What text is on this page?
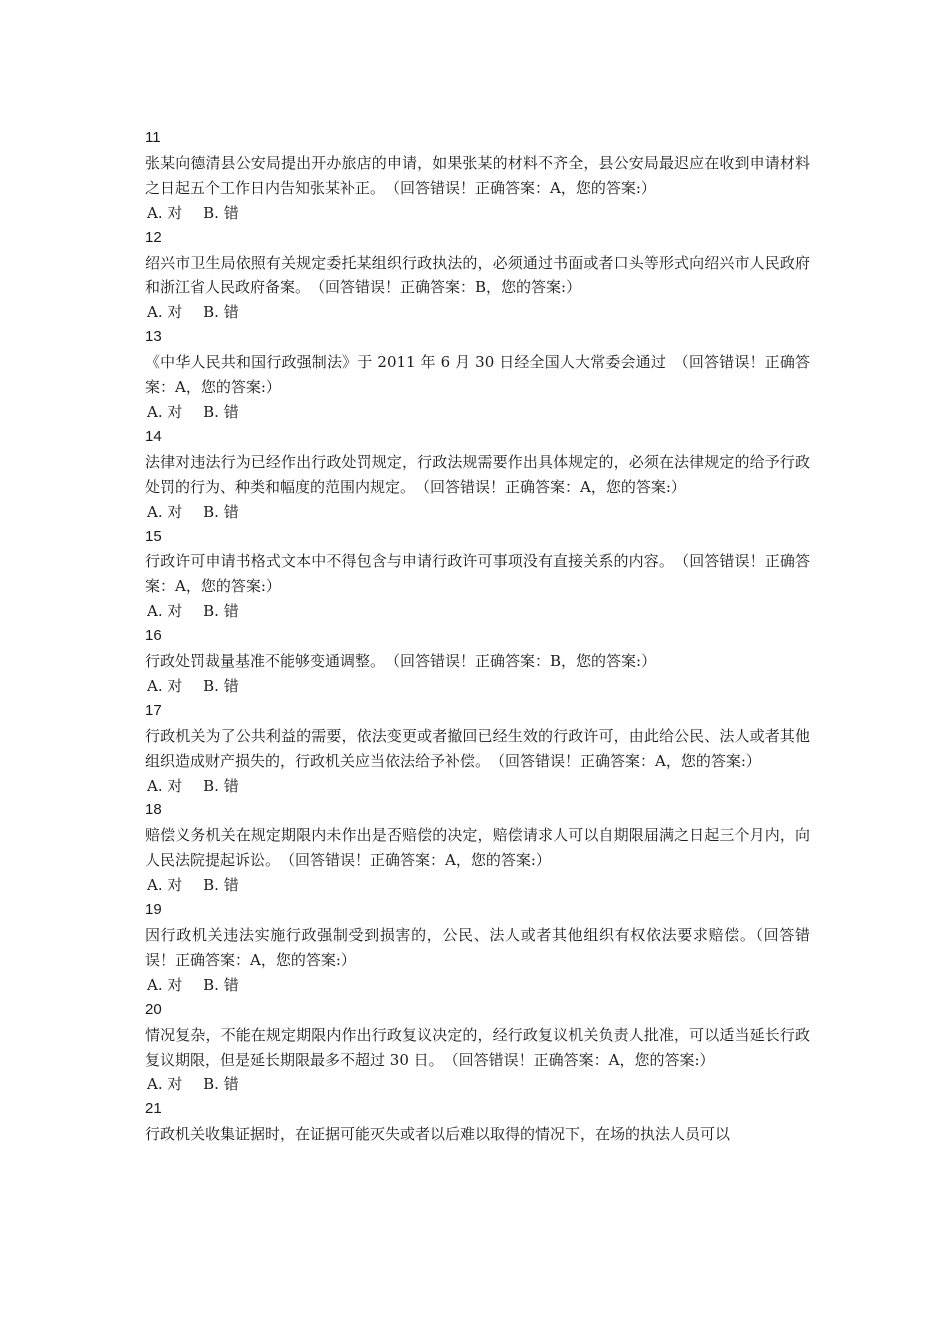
11
张某向德清县公安局提出开办旅店的申请，如果张某的材料不齐全，县公安局最迟应在收到申请材料之日起五个工作日内告知张某补正。　（回答错误！正确答案：A，您的答案:）
A. 对 B. 错
12
绍兴市卫生局依照有关规定委托某组织行政执法的，必须通过书面或者口头等形式向绍兴市人民政府和浙江省人民政府备案。　（回答错误！正确答案：B，您的答案:）
A. 对 B. 错
13
《中华人民共和国行政强制法》于 2011 年 6 月 30 日经全国人大常委会通过　（回答错误！正确答案：A，您的答案:）
A. 对 B. 错
14
法律对违法行为已经作出行政处罚规定，行政法规需要作出具体规定的，必须在法律规定的给予行政处罚的行为、种类和幅度的范围内规定。　（回答错误！正确答案：A，您的答案:）
A. 对 B. 错
15
行政许可申请书格式文本中不得包含与申请行政许可事项没有直接关系的内容。　（回答错误！正确答案：A，您的答案:）
A. 对 B. 错
16
行政处罚裁量基准不能够变通调整。　（回答错误！正确答案：B，您的答案:）
A. 对 B. 错
17
行政机关为了公共利益的需要，依法变更或者撤回已经生效的行政许可，由此给公民、法人或者其他组织造成财产损失的，行政机关应当依法给予补偿。　（回答错误！正确答案：A，您的答案:）
A. 对 B. 错
18
赔偿义务机关在规定期限内未作出是否赔偿的决定，赔偿请求人可以自期限届满之日起三个月内，向人民法院提起诉讼。　（回答错误！正确答案：A，您的答案:）
A. 对 B. 错
19
因行政机关违法实施行政强制受到损害的，公民、法人或者其他组织有权依法要求赔偿。（回答错误！正确答案：A，您的答案:）
A. 对 B. 错
20
情况复杂，不能在规定期限内作出行政复议决定的，经行政复议机关负责人批准，可以适当延长行政复议期限，但是延长期限最多不超过 30 日。　（回答错误！正确答案：A，您的答案:）
A. 对 B. 错
21
行政机关收集证据时，在证据可能灭失或者以后难以取得的情况下，在场的执法人员可以
